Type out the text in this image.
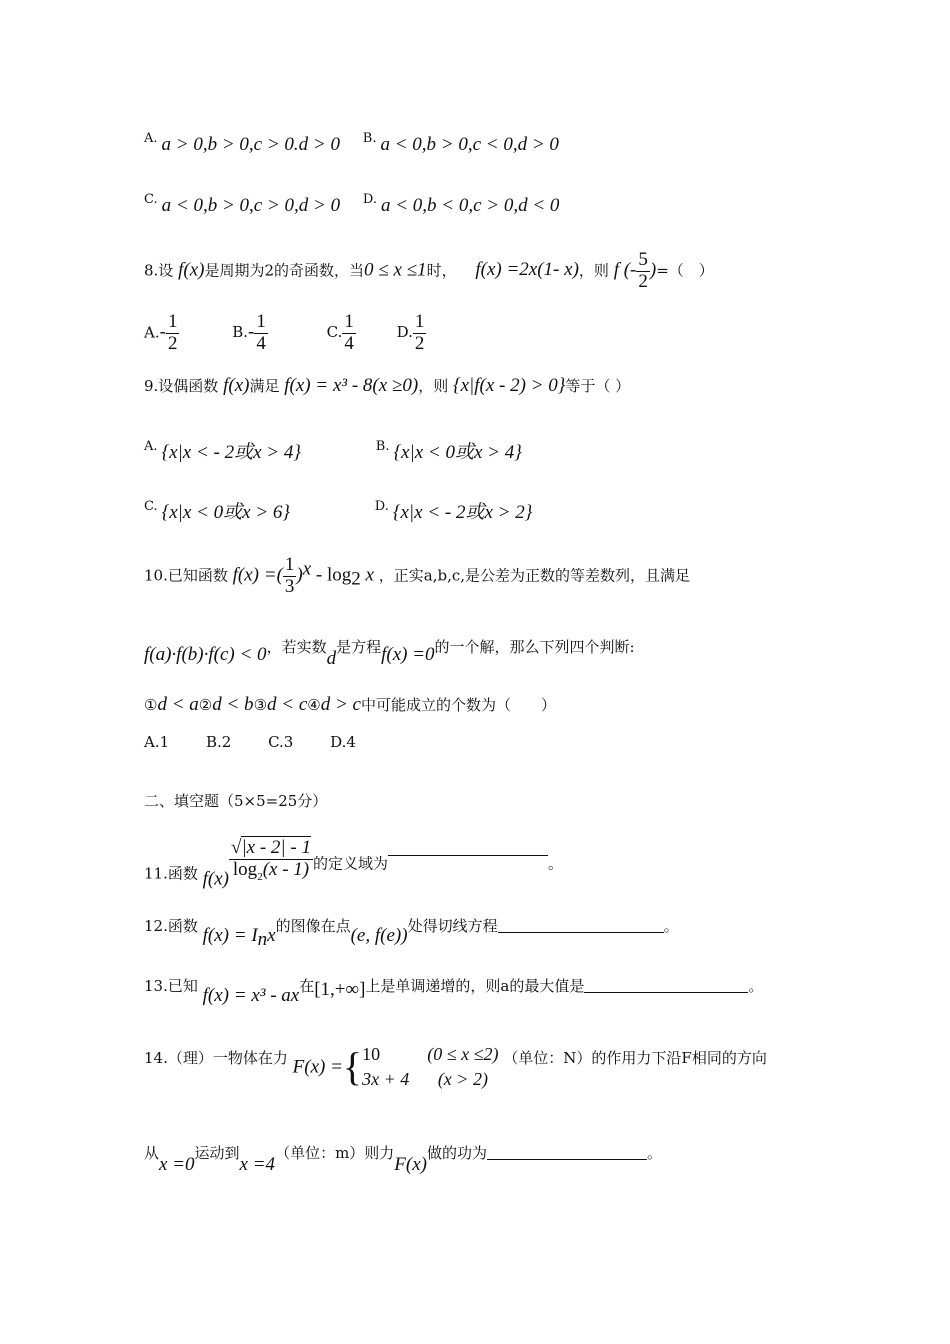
A. a > 0,b > 0,c > 0.d > 0 B. a < 0,b > 0,c < 0,d > 0
C. a < 0,b > 0,c > 0,d > 0 D. a < 0,b < 0,c > 0,d < 0
8.设 f(x)是周期为2的奇函数，当0 ≤ x ≤1时， f(x) =2x(1- x)，则 f (- $\frac{5}{2}$ )=（　）
$A.- \frac{1}{2}$	$B.- \frac{1}{4}$	C. $\frac{1}{4}$	D. $\frac{1}{2}$
9.设偶函数 f(x)满足 f(x) = x³ - 8(x ≥0)，则 {x|f(x - 2) > 0}等于（ ）
A. {x|x < - 2或x > 4}	B. {x|x < 0或x > 4}
C. {x|x < 0或x > 6}	D. {x|x < - 2或x > 2}
10.已知函数 f(x) =( $\frac{1}{3} )^x - \log_2 x$ ，正实a,b,c,是公差为正数的等差数列，且满足
f(a)·f(b)·f(c) < 0，若实数d是方程f(x) =0的一个解，那么下列四个判断:
①d < a②d < b③d < c④d > c中可能成立的个数为（　　）
A.1 B.2 C.3 D.4
二、填空题（5×5=25分）
11.函数 $f(x) \frac{√|x - 2| - 1}{\log_2(x - 1)}$ 的定义域为	。
12.函数 $f(x) = I_nx$的图像在点(e, f(e))处得切线方程	。
13.已知 f(x) = x³ - ax在[1,+∞]上是单调递增的，则a的最大值是	。
14.（理）一物体在力 F(x) ={ 10
3x + 4
(0 ≤ x ≤2)
(x > 2)
（单位：N）的作用力下沿F相同的方向
从x =0运动到x =4（单位：m）则力F(x)做的功为	。
